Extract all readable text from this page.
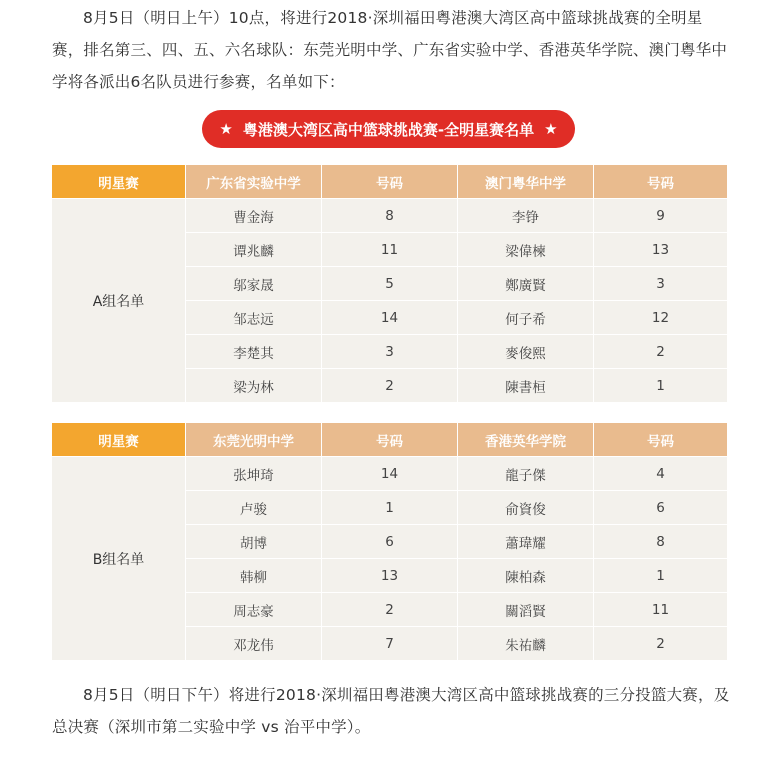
8月5日（明日上午）10点，将进行2018·深圳福田粤港澳大湾区高中篮球挑战赛的全明星赛，排名第三、四、五、六名球队：东莞光明中学、广东省实验中学、香港英华学院、澳门粤华中学将各派出6名队员进行参赛，名单如下：

★ 粤港澳大湾区高中篮球挑战赛-全明星赛名单 ★
明星赛	广东省实验中学	号码	澳门粤华中学	号码
A组名单	曹金海	8	李铮	9
	谭兆麟	11	梁偉楝	13
	邬家晟	5	鄭廣賢	3
	邹志远	14	何子希	12
	李楚其	3	麥俊熙	2
	梁为林	2	陳書桓	1
明星赛	东莞光明中学	号码	香港英华学院	号码
B组名单	张坤琦	14	龍子傑	4
	卢骏	1	俞資俊	6
	胡博	6	蕭瑋耀	8
	韩柳	13	陳柏森	1
	周志豪	2	關滔賢	11
	邓龙伟	7	朱祐麟	2

8月5日（明日下午）将进行2018·深圳福田粤港澳大湾区高中篮球挑战赛的三分投篮大赛，及总决赛（深圳市第二实验中学 vs 治平中学）。
